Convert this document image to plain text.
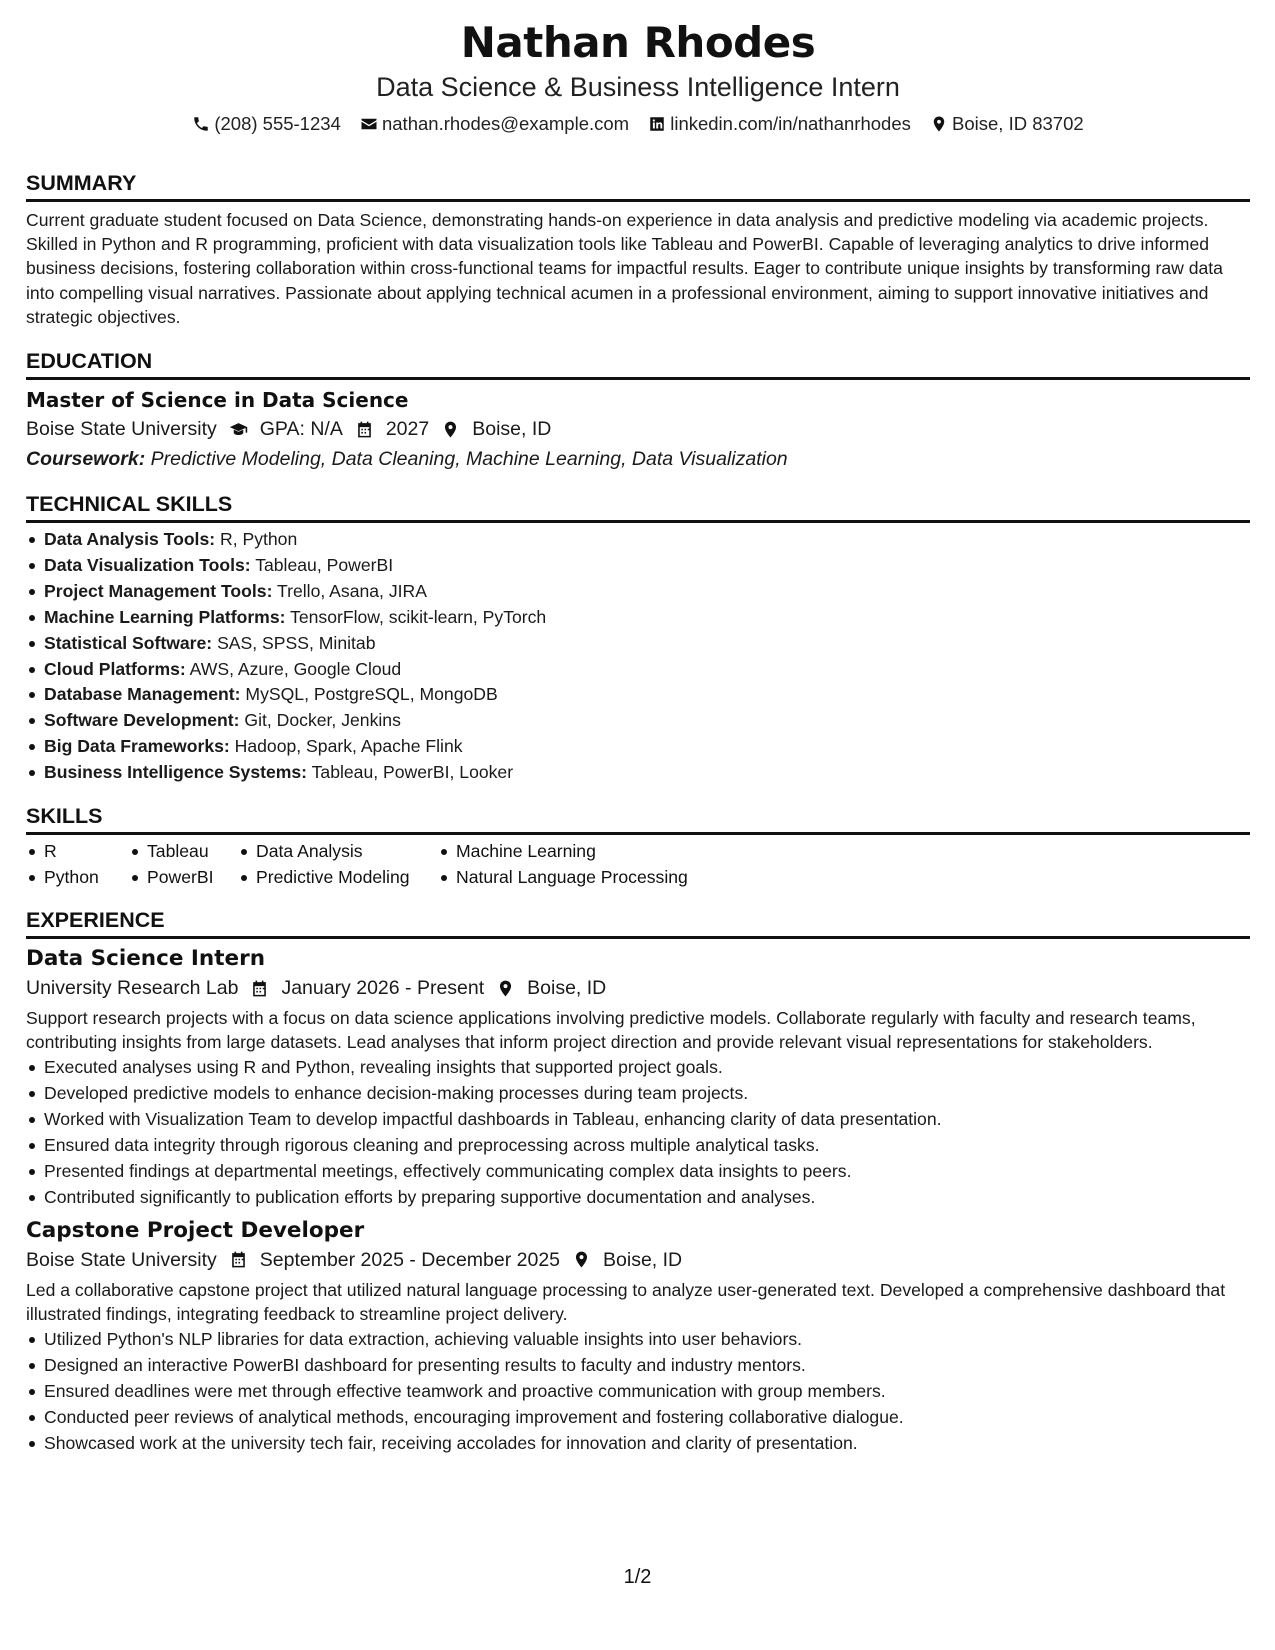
Nathan Rhodes
Data Science & Business Intelligence Intern
(208) 555-1234
nathan.rhodes@example.com
linkedin.com/in/nathanrhodes
Boise, ID 83702
SUMMARY
Current graduate student focused on Data Science, demonstrating hands-on experience in data analysis and predictive modeling via academic projects. Skilled in Python and R programming, proficient with data visualization tools like Tableau and PowerBI. Capable of leveraging analytics to drive informed business decisions, fostering collaboration within cross-functional teams for impactful results. Eager to contribute unique insights by transforming raw data into compelling visual narratives. Passionate about applying technical acumen in a professional environment, aiming to support innovative initiatives and strategic objectives.
EDUCATION
Master of Science in Data Science
Boise State University GPA: N/A 2027 Boise, ID
Coursework: Predictive Modeling, Data Cleaning, Machine Learning, Data Visualization
TECHNICAL SKILLS
Data Analysis Tools: R, Python
Data Visualization Tools: Tableau, PowerBI
Project Management Tools: Trello, Asana, JIRA
Machine Learning Platforms: TensorFlow, scikit-learn, PyTorch
Statistical Software: SAS, SPSS, Minitab
Cloud Platforms: AWS, Azure, Google Cloud
Database Management: MySQL, PostgreSQL, MongoDB
Software Development: Git, Docker, Jenkins
Big Data Frameworks: Hadoop, Spark, Apache Flink
Business Intelligence Systems: Tableau, PowerBI, Looker
SKILLS
R
Python
Tableau
PowerBI
Data Analysis
Predictive Modeling
Machine Learning
Natural Language Processing
EXPERIENCE
Data Science Intern
University Research Lab January 2026 - Present Boise, ID
Support research projects with a focus on data science applications involving predictive models. Collaborate regularly with faculty and research teams, contributing insights from large datasets. Lead analyses that inform project direction and provide relevant visual representations for stakeholders.
Executed analyses using R and Python, revealing insights that supported project goals.
Developed predictive models to enhance decision-making processes during team projects.
Worked with Visualization Team to develop impactful dashboards in Tableau, enhancing clarity of data presentation.
Ensured data integrity through rigorous cleaning and preprocessing across multiple analytical tasks.
Presented findings at departmental meetings, effectively communicating complex data insights to peers.
Contributed significantly to publication efforts by preparing supportive documentation and analyses.
Capstone Project Developer
Boise State University September 2025 - December 2025 Boise, ID
Led a collaborative capstone project that utilized natural language processing to analyze user-generated text. Developed a comprehensive dashboard that illustrated findings, integrating feedback to streamline project delivery.
Utilized Python's NLP libraries for data extraction, achieving valuable insights into user behaviors.
Designed an interactive PowerBI dashboard for presenting results to faculty and industry mentors.
Ensured deadlines were met through effective teamwork and proactive communication with group members.
Conducted peer reviews of analytical methods, encouraging improvement and fostering collaborative dialogue.
Showcased work at the university tech fair, receiving accolades for innovation and clarity of presentation.
1/2
